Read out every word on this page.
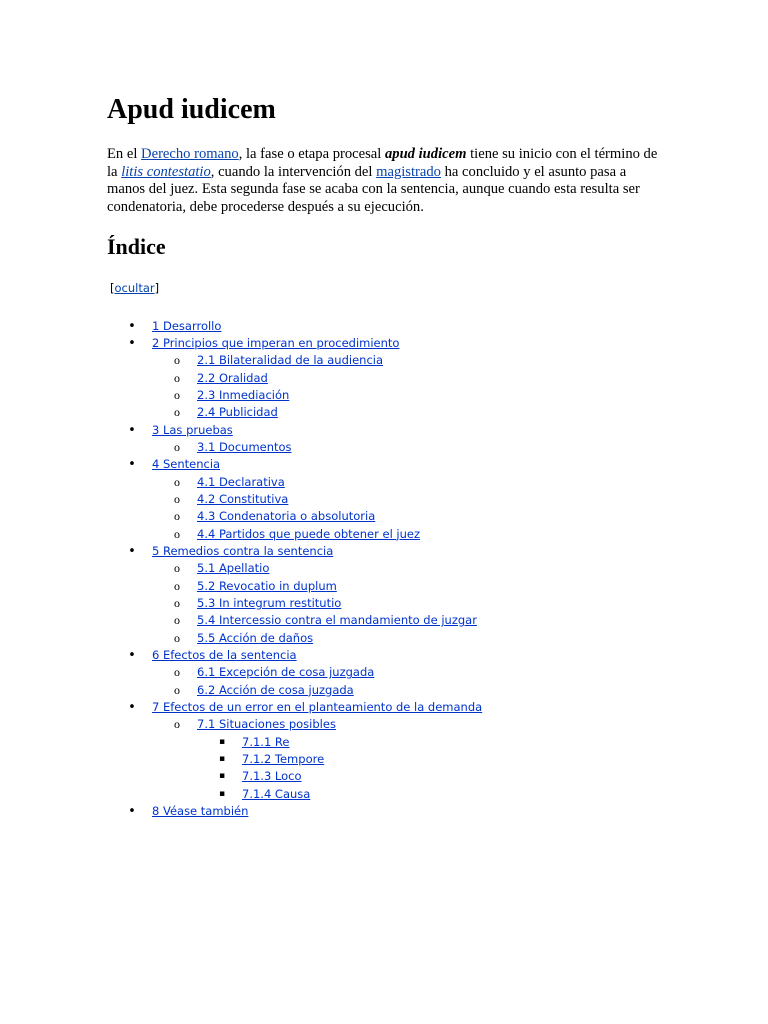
Apud iudicem

En el Derecho romano, la fase o etapa procesal apud iudicem tiene su inicio con el término de la litis contestatio, cuando la intervención del magistrado ha concluido y el asunto pasa a manos del juez. Esta segunda fase se acaba con la sentencia, aunque cuando esta resulta ser condenatoria, debe procederse después a su ejecución.

Índice
[ocultar]
• 1 Desarrollo
• 2 Principios que imperan en procedimiento
o 2.1 Bilateralidad de la audiencia
o 2.2 Oralidad
o 2.3 Inmediación
o 2.4 Publicidad
• 3 Las pruebas
o 3.1 Documentos
• 4 Sentencia
o 4.1 Declarativa
o 4.2 Constitutiva
o 4.3 Condenatoria o absolutoria
o 4.4 Partidos que puede obtener el juez
• 5 Remedios contra la sentencia
o 5.1 Apellatio
o 5.2 Revocatio in duplum
o 5.3 In integrum restitutio
o 5.4 Intercessio contra el mandamiento de juzgar
o 5.5 Acción de daños
• 6 Efectos de la sentencia
o 6.1 Excepción de cosa juzgada
o 6.2 Acción de cosa juzgada
• 7 Efectos de un error en el planteamiento de la demanda
o 7.1 Situaciones posibles
▪ 7.1.1 Re
▪ 7.1.2 Tempore
▪ 7.1.3 Loco
▪ 7.1.4 Causa
• 8 Véase también
